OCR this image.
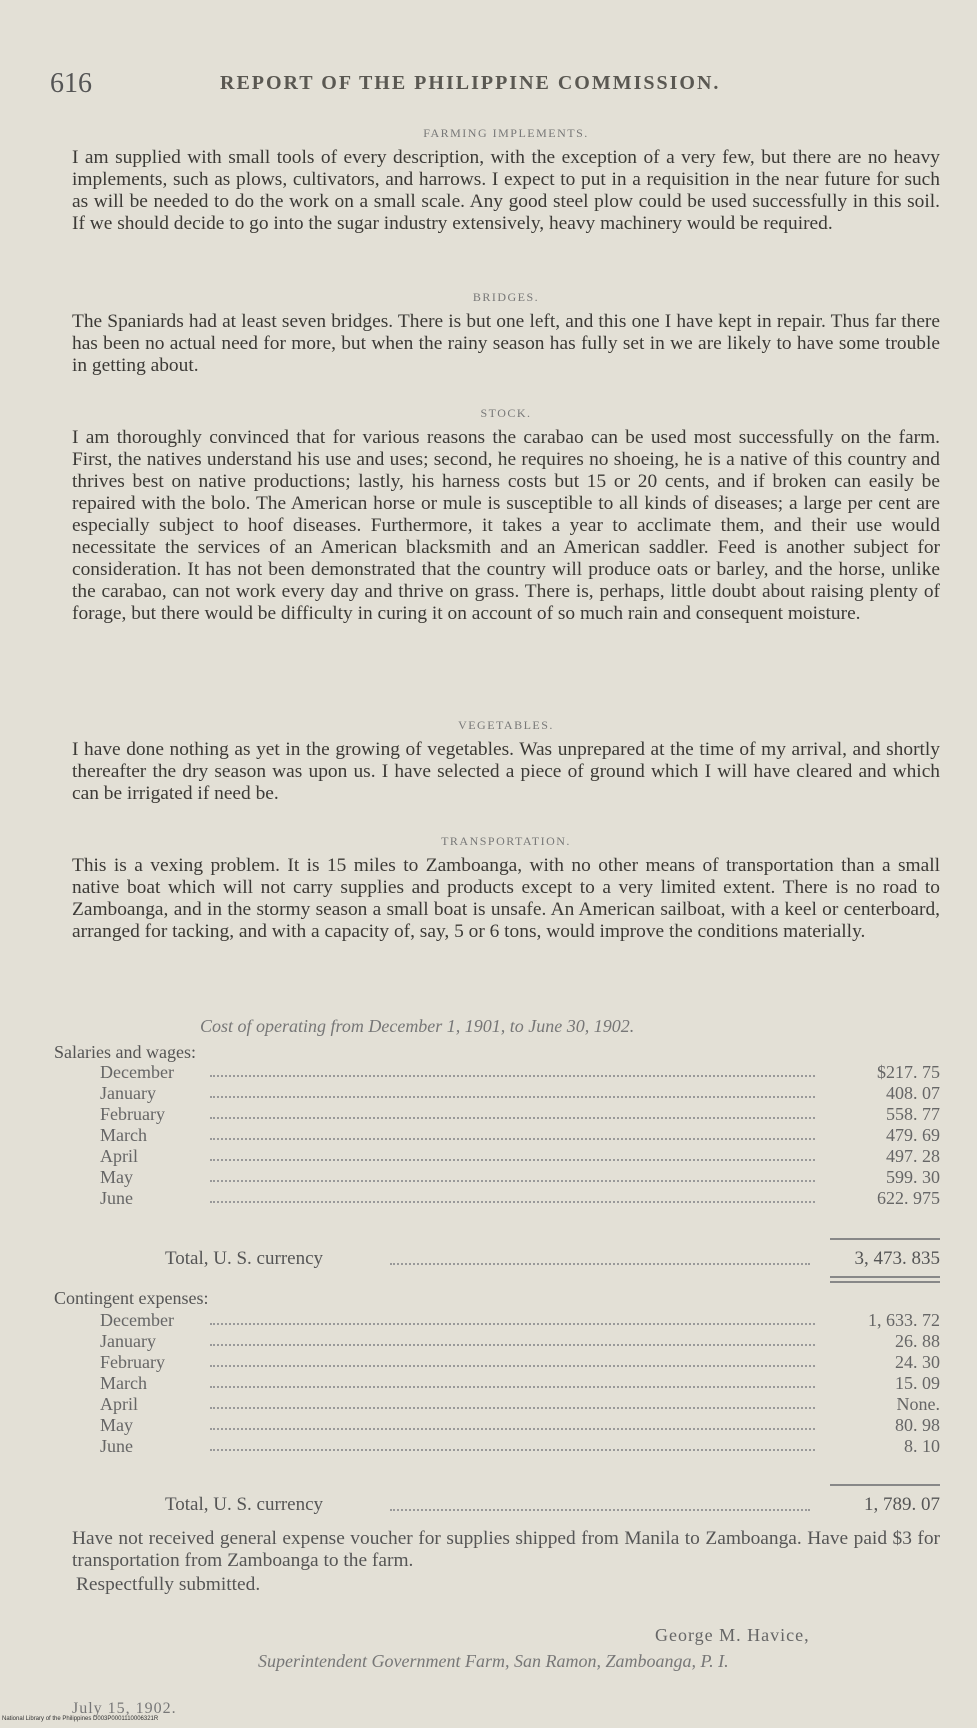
616	REPORT OF THE PHILIPPINE COMMISSION.
FARMING IMPLEMENTS.

I am supplied with small tools of every description, with the exception of a very few, but there are no heavy implements, such as plows, cultivators, and harrows. I expect to put in a requisition in the near future for such as will be needed to do the work on a small scale. Any good steel plow could be used successfully in this soil. If we should decide to go into the sugar industry extensively, heavy machinery would be required.

BRIDGES.

The Spaniards had at least seven bridges. There is but one left, and this one I have kept in repair. Thus far there has been no actual need for more, but when the rainy season has fully set in we are likely to have some trouble in getting about.

STOCK.

I am thoroughly convinced that for various reasons the carabao can be used most successfully on the farm. First, the natives understand his use and uses; second, he requires no shoeing, he is a native of this country and thrives best on native productions; lastly, his harness costs but 15 or 20 cents, and if broken can easily be repaired with the bolo. The American horse or mule is susceptible to all kinds of diseases; a large per cent are especially subject to hoof diseases. Furthermore, it takes a year to acclimate them, and their use would necessitate the services of an American blacksmith and an American saddler. Feed is another subject for consideration. It has not been demonstrated that the country will produce oats or barley, and the horse, unlike the carabao, can not work every day and thrive on grass. There is, perhaps, little doubt about raising plenty of forage, but there would be difficulty in curing it on account of so much rain and consequent moisture.

VEGETABLES.

I have done nothing as yet in the growing of vegetables. Was unprepared at the time of my arrival, and shortly thereafter the dry season was upon us. I have selected a piece of ground which I will have cleared and which can be irrigated if need be.

TRANSPORTATION.

This is a vexing problem. It is 15 miles to Zamboanga, with no other means of transportation than a small native boat which will not carry supplies and products except to a very limited extent. There is no road to Zamboanga, and in the stormy season a small boat is unsafe. An American sailboat, with a keel or centerboard, arranged for tacking, and with a capacity of, say, 5 or 6 tons, would improve the conditions materially.

Cost of operating from December 1, 1901, to June 30, 1902.
Salaries and wages:
December	$217. 75
January	408. 07
February	558. 77
March	479. 69
April	497. 28
May	599. 30
June	622. 975
Total, U. S. currency	3, 473. 835
Contingent expenses:
December	1, 633. 72
January	26. 88
February	24. 30
March	15. 09
April	None.
May	80. 98
June	8. 10
Total, U. S. currency	1, 789. 07
Have not received general expense voucher for supplies shipped from Manila to Zamboanga. Have paid $3 for transportation from Zamboanga to the farm.
Respectfully submitted.
George M. Havice,
Superintendent Government Farm, San Ramon, Zamboanga, P. I.
July 15, 1902.
National Library of the Philippines D003P0001110006321R
